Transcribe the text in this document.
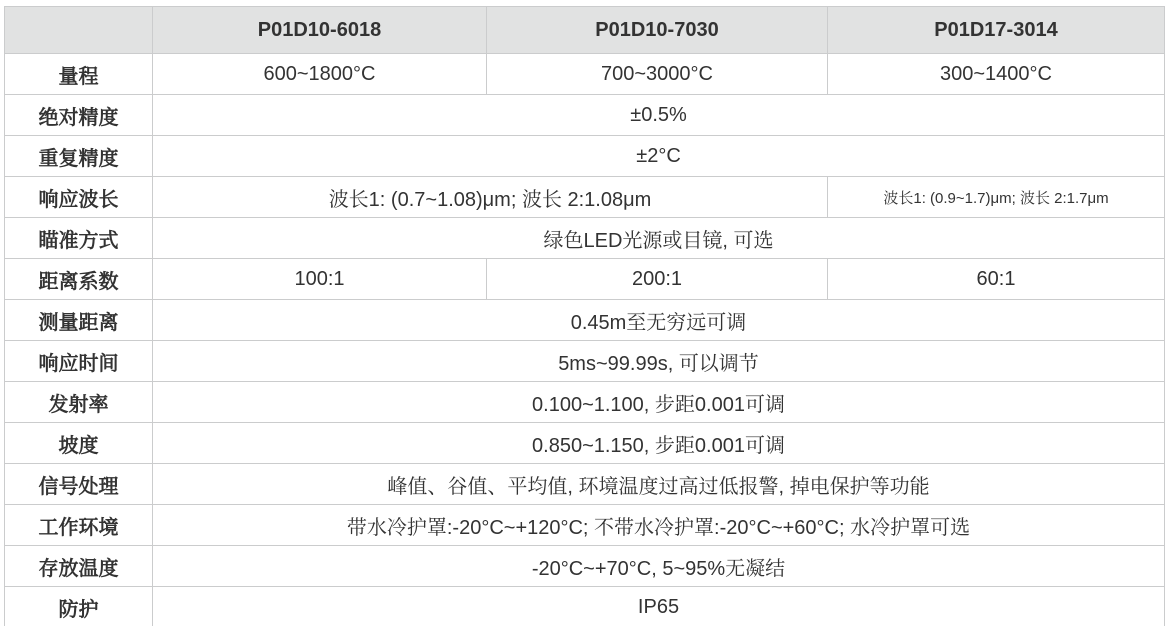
	P01D10-6018	P01D10-7030	P01D17-3014
量程	600~1800°C	700~3000°C	300~1400°C
绝对精度	±0.5%		
重复精度	±2°C		
响应波长	波长1: (0.7~1.08)μm; 波长 2:1.08μm		波长1: (0.9~1.7)μm; 波长 2:1.7μm
瞄准方式	绿色LED光源或目镜, 可选		
距离系数	100:1	200:1	60:1
测量距离	0.45m至无穷远可调		
响应时间	5ms~99.99s, 可以调节		
发射率	0.100~1.100, 步距0.001可调		
坡度	0.850~1.150, 步距0.001可调		
信号处理	峰值、谷值、平均值, 环境温度过高过低报警, 掉电保护等功能		
工作环境	带水冷护罩:-20°C~+120°C; 不带水冷护罩:-20°C~+60°C; 水冷护罩可选		
存放温度	-20°C~+70°C, 5~95%无凝结		
防护	IP65		
